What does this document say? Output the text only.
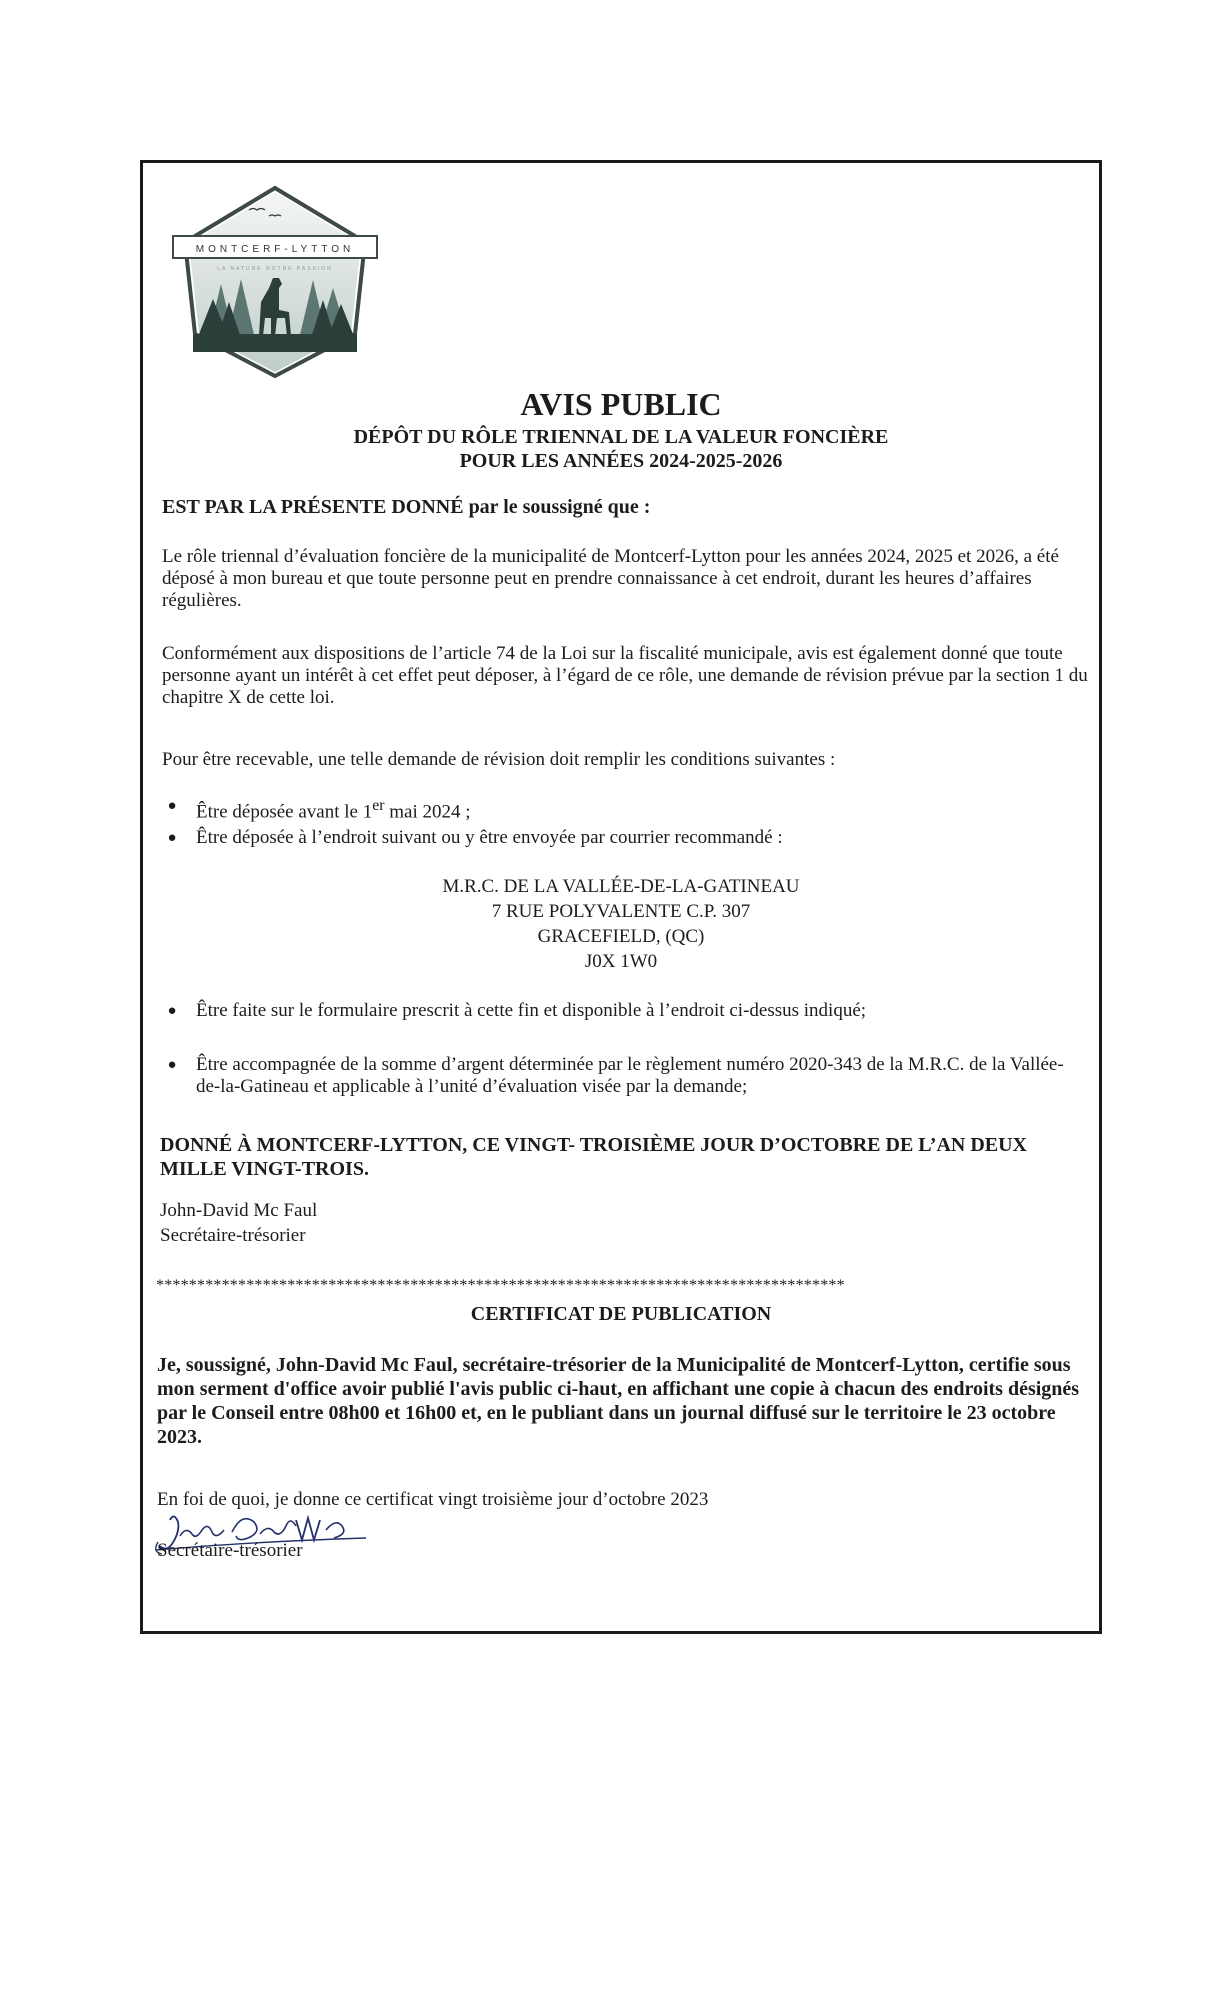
MONTCERF-LYTTON
LA NATURE NOTRE PASSION
AVIS PUBLIC
DÉPÔT DU RÔLE TRIENNAL DE LA VALEUR FONCIÈRE
POUR LES ANNÉES 2024-2025-2026
EST PAR LA PRÉSENTE DONNÉ par le soussigné que :
Le rôle triennal d’évaluation foncière de la municipalité de Montcerf-Lytton pour les années 2024, 2025 et 2026, a été déposé à mon bureau et que toute personne peut en prendre connaissance à cet endroit, durant les heures d’affaires régulières.
Conformément aux dispositions de l’article 74 de la Loi sur la fiscalité municipale, avis est également donné que toute personne ayant un intérêt à cet effet peut déposer, à l’égard de ce rôle, une demande de révision prévue par la section 1 du chapitre X de cette loi.
Pour être recevable, une telle demande de révision doit remplir les conditions suivantes :
●	Être déposée avant le 1er mai 2024 ;
●	Être déposée à l’endroit suivant ou y être envoyée par courrier recommandé :
M.R.C. DE LA VALLÉE-DE-LA-GATINEAU
7 RUE POLYVALENTE C.P. 307
GRACEFIELD, (QC)
J0X 1W0
●	Être faite sur le formulaire prescrit à cette fin et disponible à l’endroit ci-dessus indiqué;
●	Être accompagnée de la somme d’argent déterminée par le règlement numéro 2020-343 de la M.R.C. de la Vallée-de-la-Gatineau et applicable à l’unité d’évaluation visée par la demande;
DONNÉ À MONTCERF-LYTTON, CE VINGT- TROISIÈME JOUR D’OCTOBRE DE L’AN DEUX MILLE VINGT-TROIS.
John-David Mc Faul
Secrétaire-trésorier
************************************************************************************
CERTIFICAT DE PUBLICATION
Je, soussigné, John-David Mc Faul, secrétaire-trésorier de la Municipalité de Montcerf-Lytton, certifie sous mon serment d'office avoir publié l'avis public ci-haut, en affichant une copie à chacun des endroits désignés par le Conseil entre 08h00 et 16h00 et, en le publiant dans un journal diffusé sur le territoire le 23 octobre 2023.
En foi de quoi, je donne ce certificat vingt troisième jour d’octobre 2023
Secrétaire-trésorier
